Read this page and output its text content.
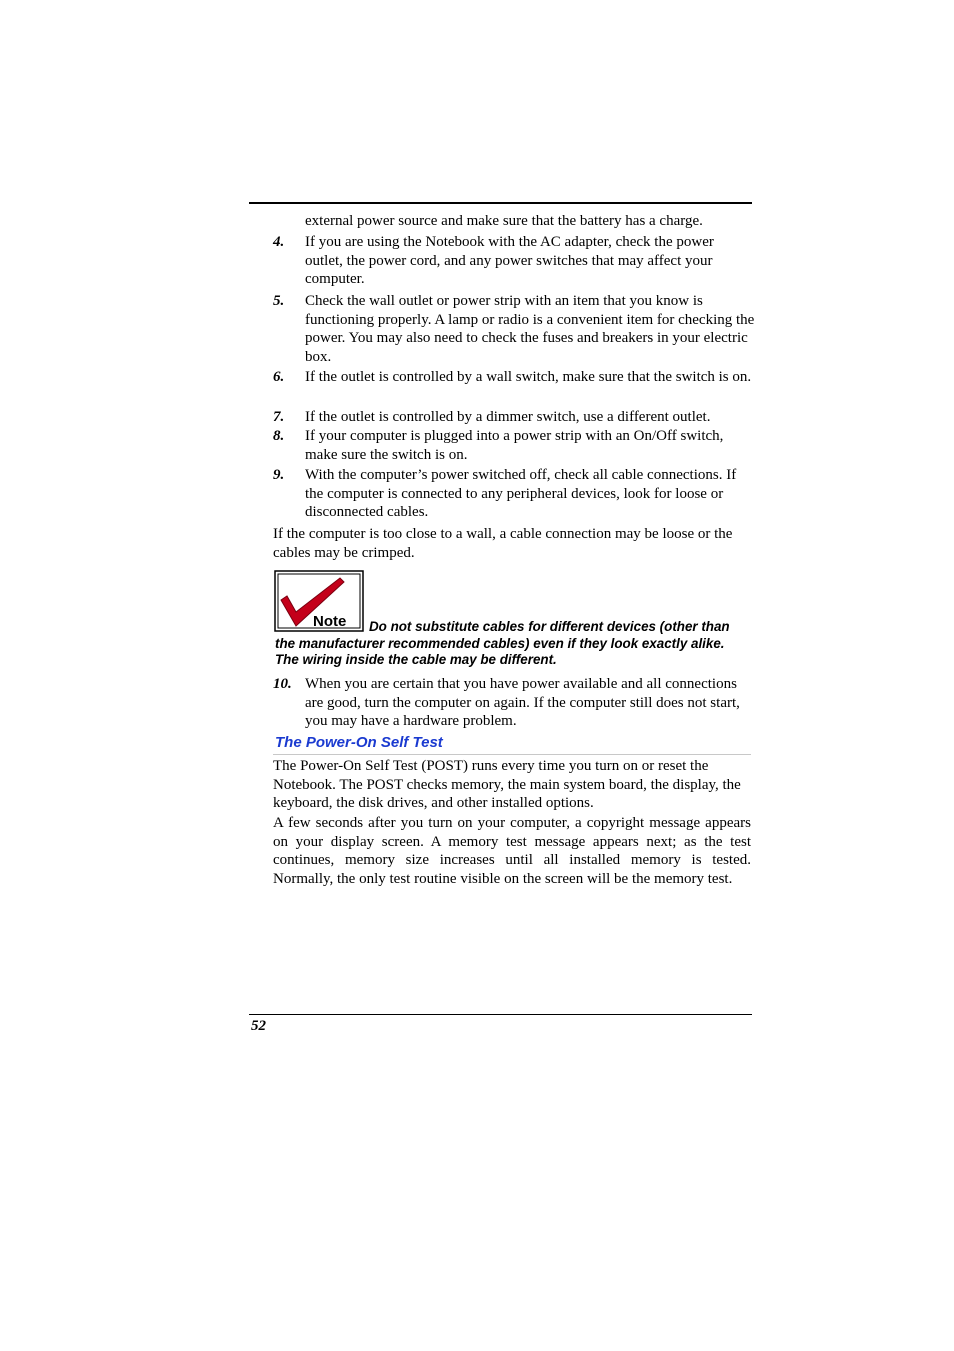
external power source and make sure that the battery has a charge.
4. If you are using the Notebook with the AC adapter, check the power outlet, the power cord, and any power switches that may affect your computer.
5. Check the wall outlet or power strip with an item that you know is functioning properly. A lamp or radio is a convenient item for checking the power. You may also need to check the fuses and breakers in your electric box.
6. If the outlet is controlled by a wall switch, make sure that the switch is on.
7. If the outlet is controlled by a dimmer switch, use a different outlet.
8. If your computer is plugged into a power strip with an On/Off switch, make sure the switch is on.
9. With the computer’s power switched off, check all cable connections. If the computer is connected to any peripheral devices, look for loose or disconnected cables.
If the computer is too close to a wall, a cable connection may be loose or the cables may be crimped.
Note	Do not substitute cables for different devices (other than the manufacturer recommended cables) even if they look exactly alike. The wiring inside the cable may be different.
10. When you are certain that you have power available and all connections are good, turn the computer on again. If the computer still does not start, you may have a hardware problem.
The Power-On Self Test
The Power-On Self Test (POST) runs every time you turn on or reset the Notebook. The POST checks memory, the main system board, the display, the keyboard, the disk drives, and other installed options.
A few seconds after you turn on your computer, a copyright message appears on your display screen. A memory test message appears next; as the test continues, memory size increases until all installed memory is tested. Normally, the only test routine visible on the screen will be the memory test.
52
